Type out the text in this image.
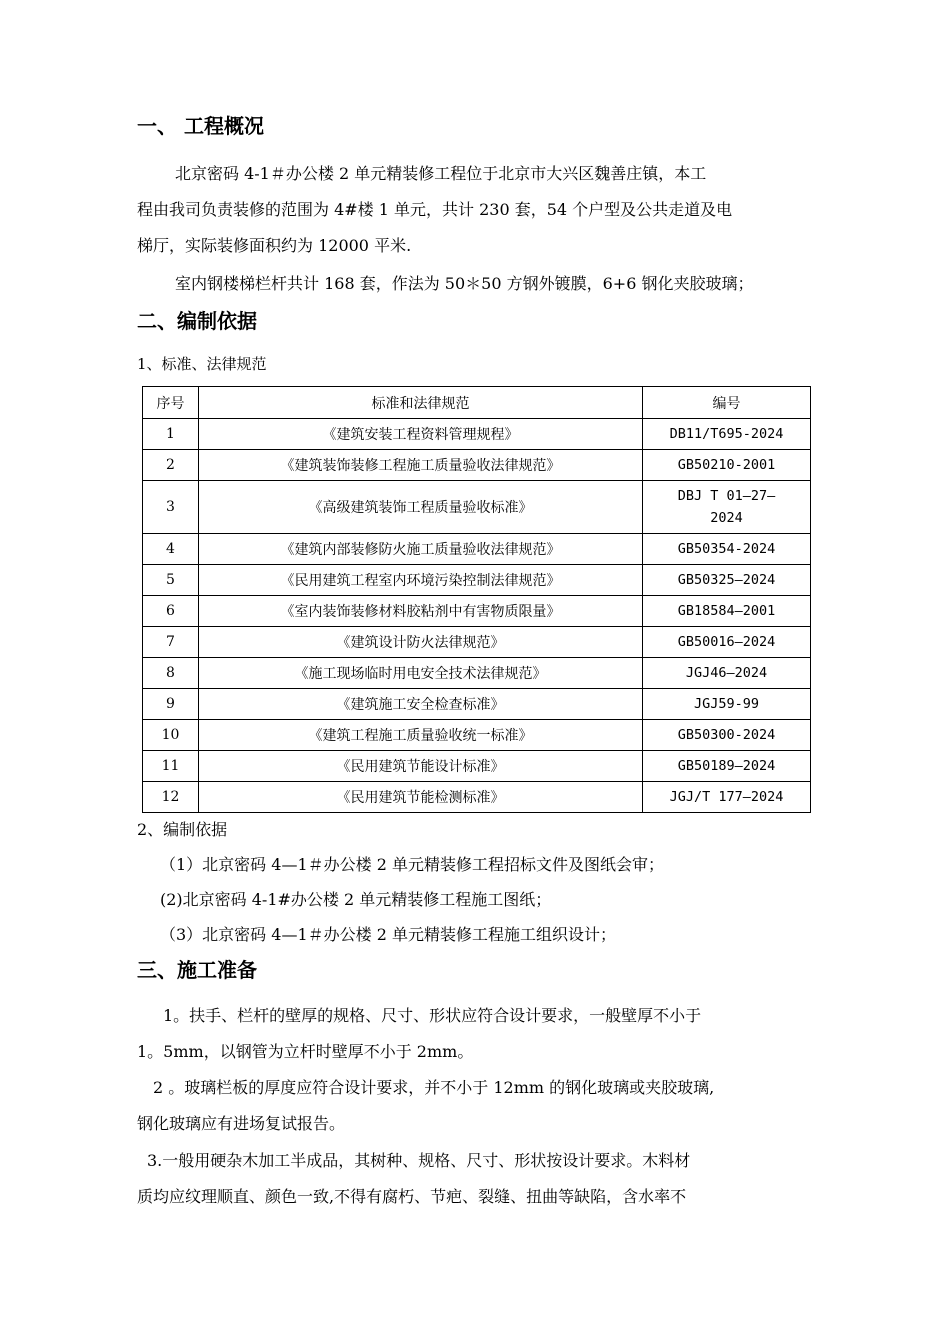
一、 工程概况
北京密码 4-1＃办公楼 2 单元精装修工程位于北京市大兴区魏善庄镇，本工
程由我司负责装修的范围为 4#楼 1 单元，共计 230 套，54 个户型及公共走道及电
梯厅，实际装修面积约为 12000 平米.
室内钢楼梯栏杆共计 168 套，作法为 50＊50 方钢外镀膜，6+6 钢化夹胶玻璃；
二、编制依据
1、标准、法律规范
序号	标准和法律规范	编号
1	《建筑安装工程资料管理规程》	DB11/T695-2024
2	《建筑装饰装修工程施工质量验收法律规范》	GB50210-2001
3	《高级建筑装饰工程质量验收标准》	DBJ T 01—27—2024
4	《建筑内部装修防火施工质量验收法律规范》	GB50354-2024
5	《民用建筑工程室内环境污染控制法律规范》	GB50325—2024
6	《室内装饰装修材料胶粘剂中有害物质限量》	GB18584—2001
7	《建筑设计防火法律规范》	GB50016—2024
8	《施工现场临时用电安全技术法律规范》	JGJ46—2024
9	《建筑施工安全检查标准》	JGJ59-99
10	《建筑工程施工质量验收统一标准》	GB50300-2024
11	《民用建筑节能设计标准》	GB50189—2024
12	《民用建筑节能检测标准》	JGJ/T 177—2024
2、编制依据
（1）北京密码 4—1＃办公楼 2 单元精装修工程招标文件及图纸会审；
(2)北京密码 4-1#办公楼 2 单元精装修工程施工图纸；
（3）北京密码 4—1＃办公楼 2 单元精装修工程施工组织设计；
三、施工准备
1。扶手、栏杆的壁厚的规格、尺寸、形状应符合设计要求，一般壁厚不小于
1。5mm，以钢管为立杆时壁厚不小于 2mm。
2 。玻璃栏板的厚度应符合设计要求，并不小于 12mm 的钢化玻璃或夹胶玻璃,
钢化玻璃应有进场复试报告。
3.一般用硬杂木加工半成品，其树种、规格、尺寸、形状按设计要求。木料材
质均应纹理顺直、颜色一致,不得有腐朽、节疤、裂缝、扭曲等缺陷，含水率不
